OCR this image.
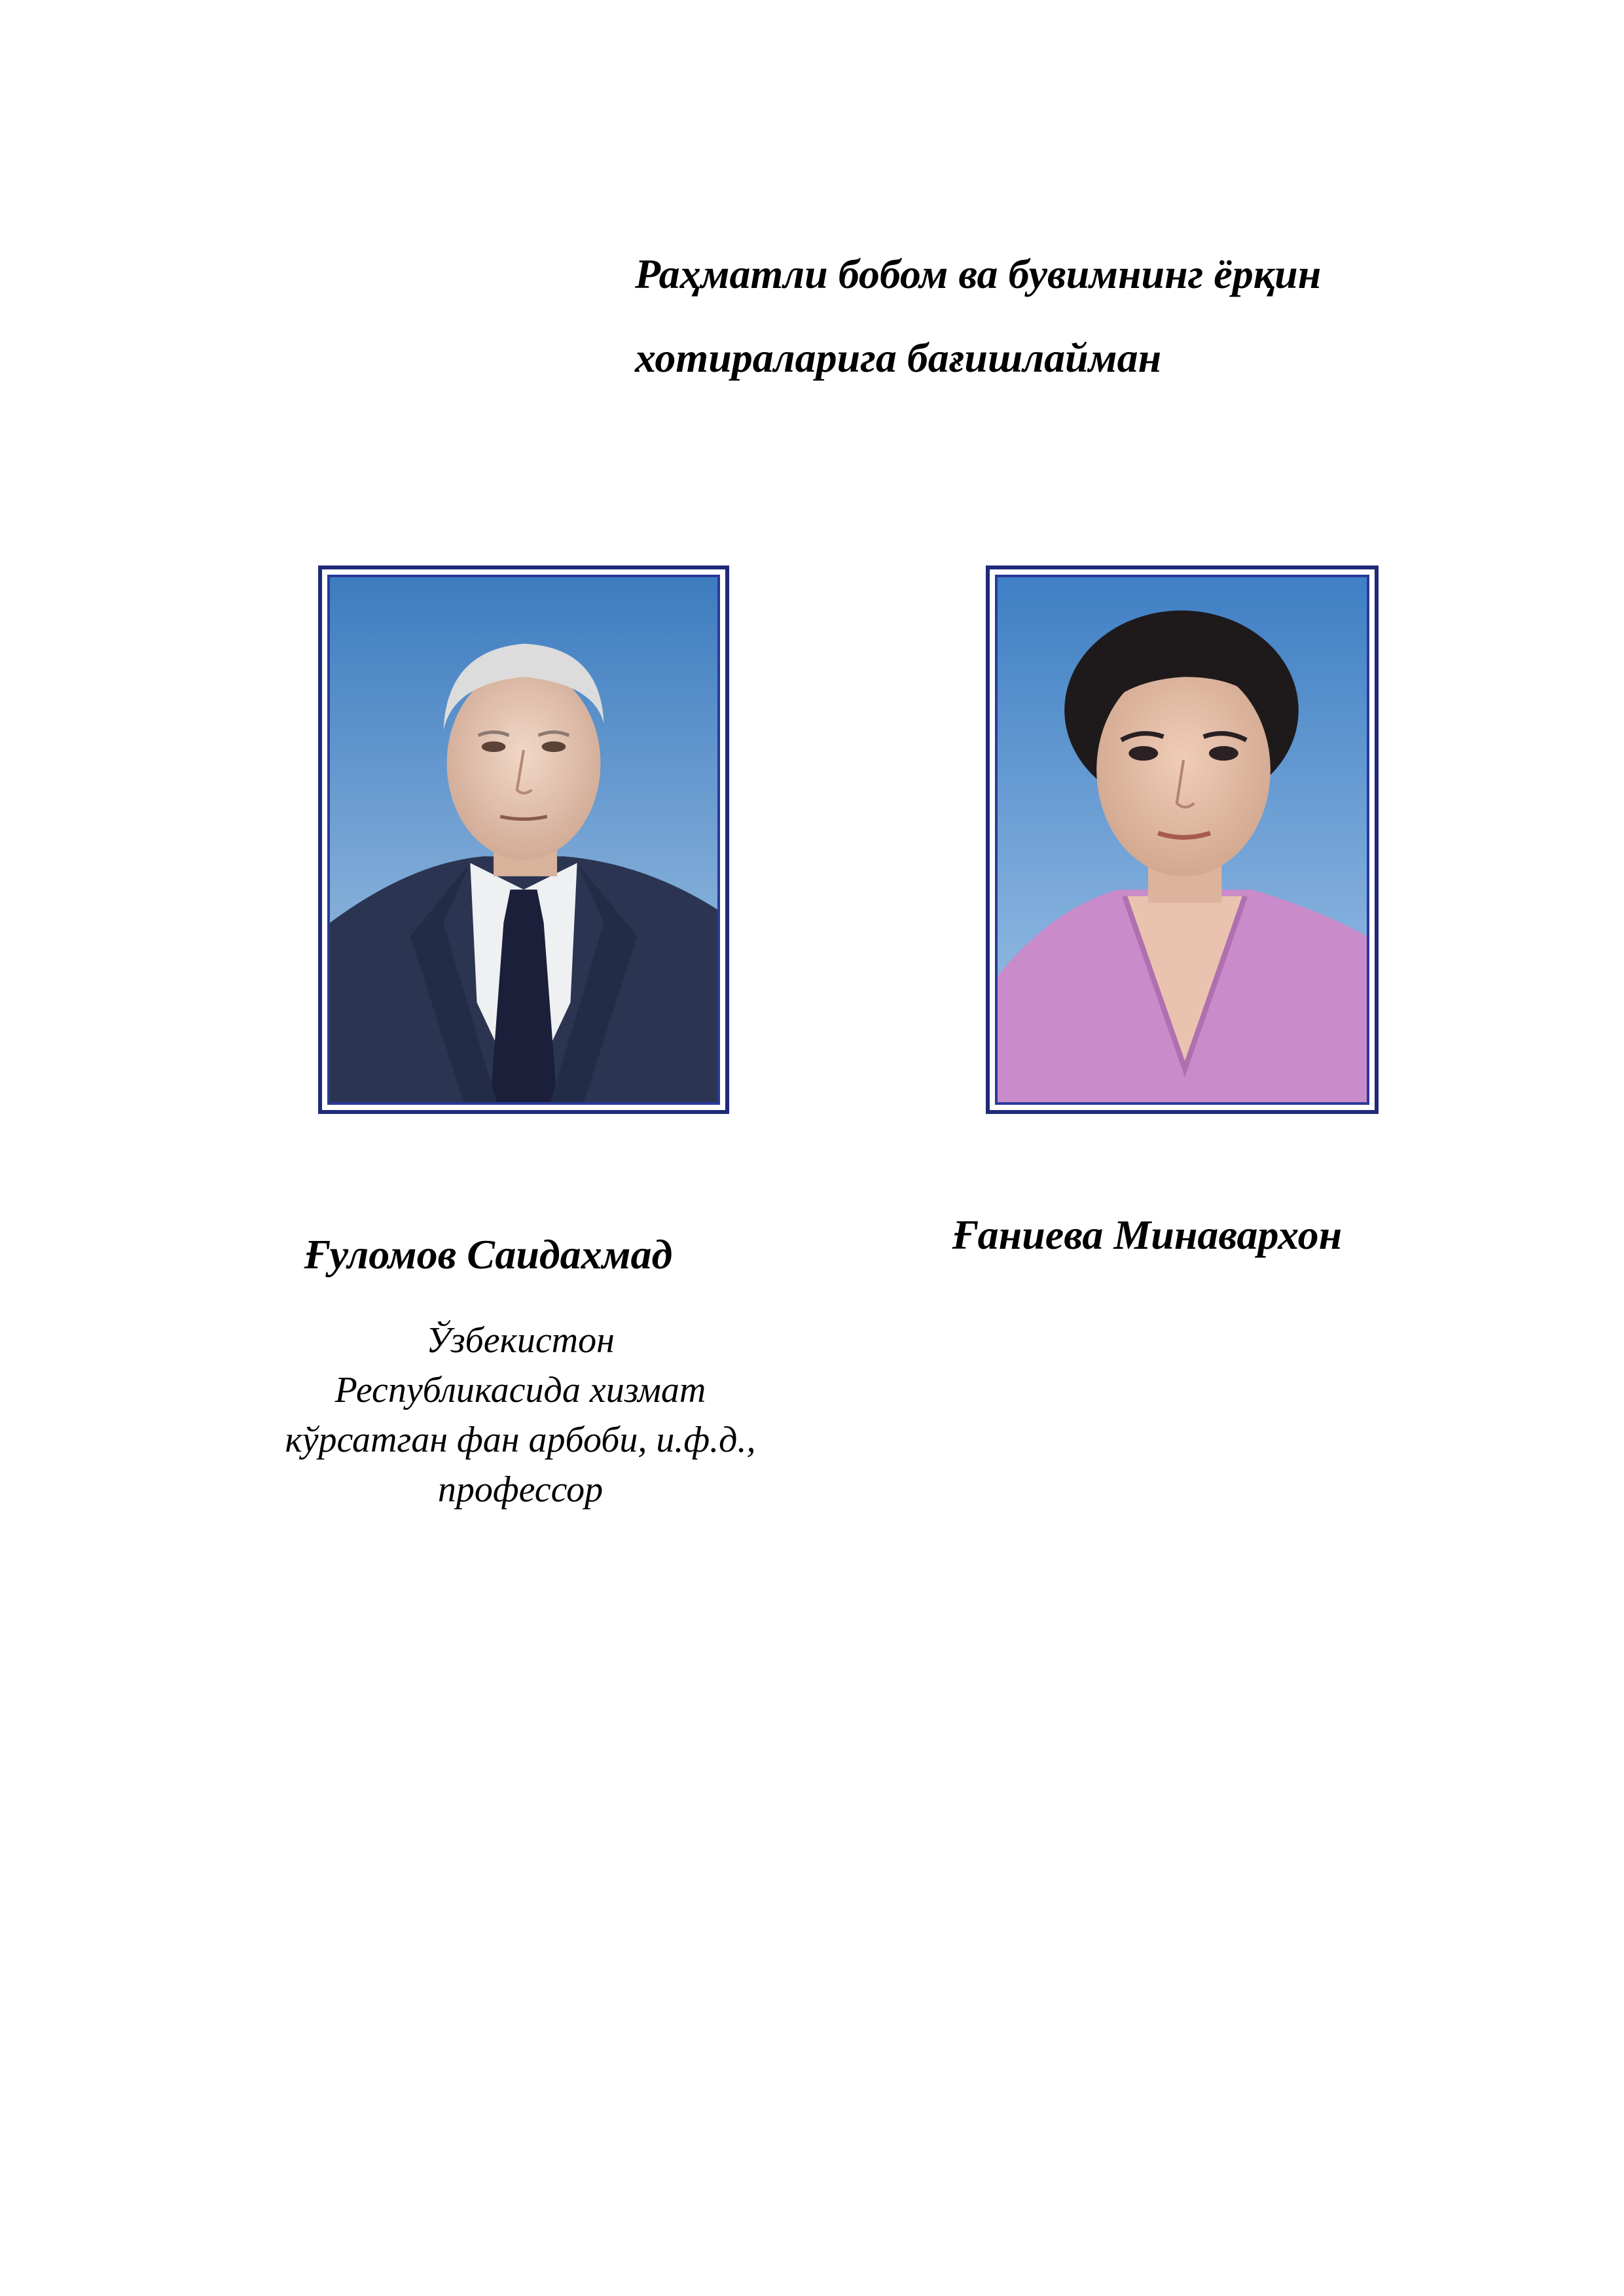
Раҳматли бобом ва бувимнинг ёрқин
хотираларига бағишлайман
Ғуломов Саидахмад	Ғаниева Минавархон
Ўзбекистон
Республикасида хизмат
кўрсатган фан арбоби, и.ф.д.,
профессор
